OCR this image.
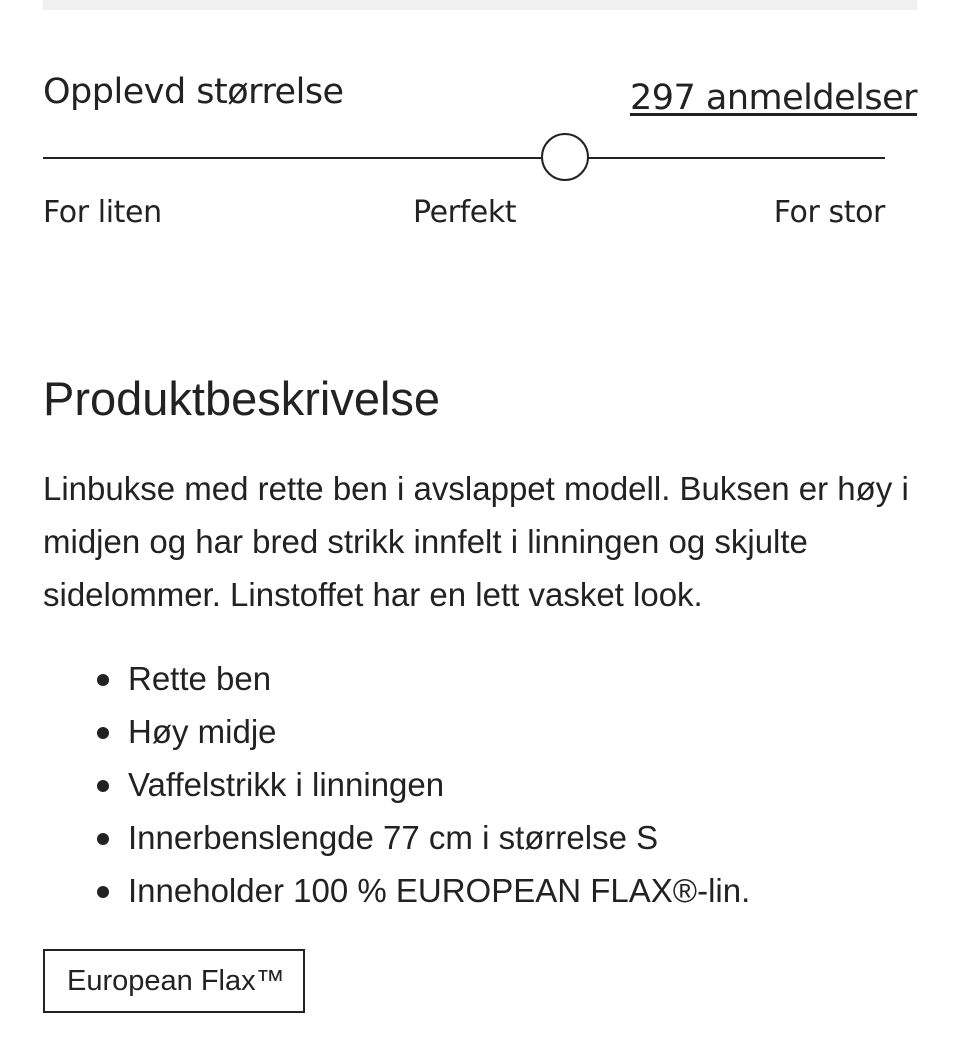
Opplevd størrelse	297 anmeldelser
For liten	Perfekt	For stor
Produktbeskrivelse

Linbukse med rette ben i avslappet modell. Buksen er høy i midjen og har bred strikk innfelt i linningen og skjulte sidelommer. Linstoffet har en lett vasket look.

Rette ben
Høy midje
Vaffelstrikk i linningen
Innerbenslengde 77 cm i størrelse S
Inneholder 100 % EUROPEAN FLAX®-lin.
European Flax™
